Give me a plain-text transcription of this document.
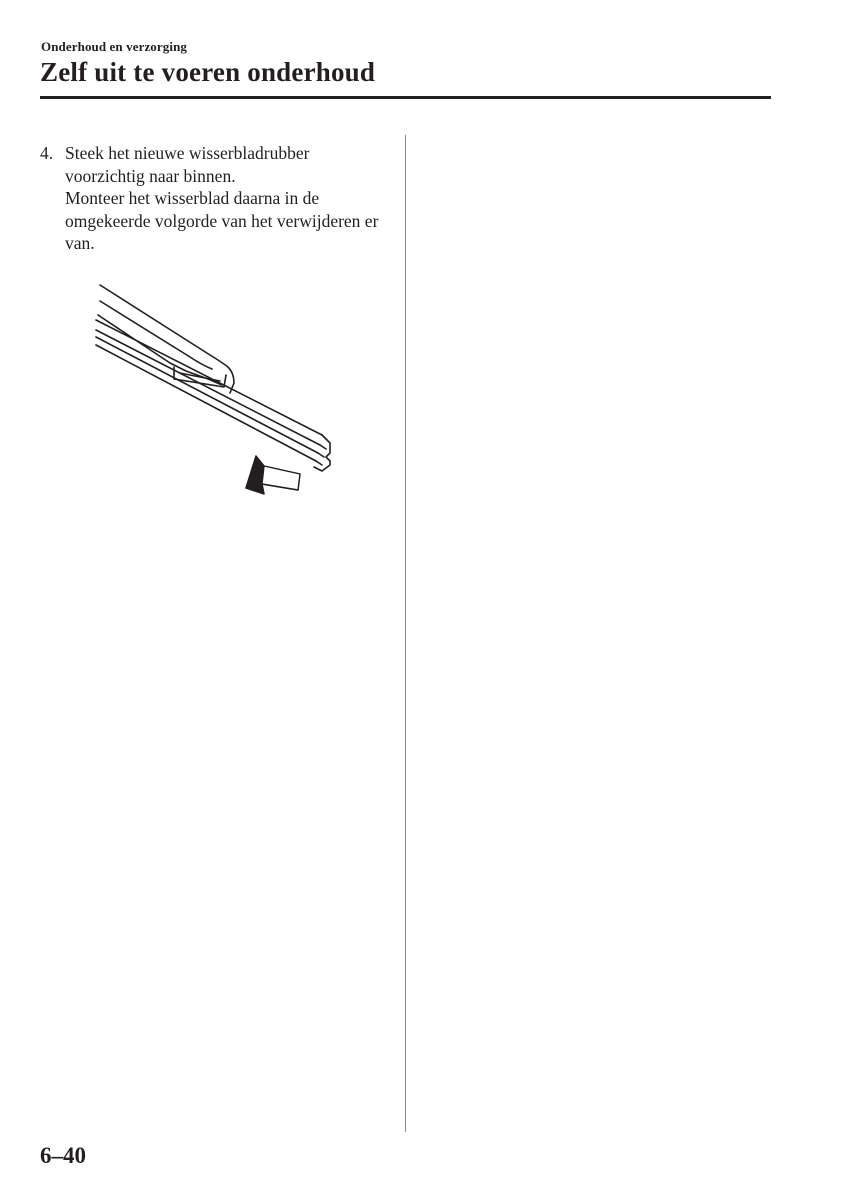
Onderhoud en verzorging
Zelf uit te voeren onderhoud
4. Steek het nieuwe wisserbladrubber voorzichtig naar binnen.

Monteer het wisserblad daarna in de omgekeerde volgorde van het verwijderen er van.

6–40
